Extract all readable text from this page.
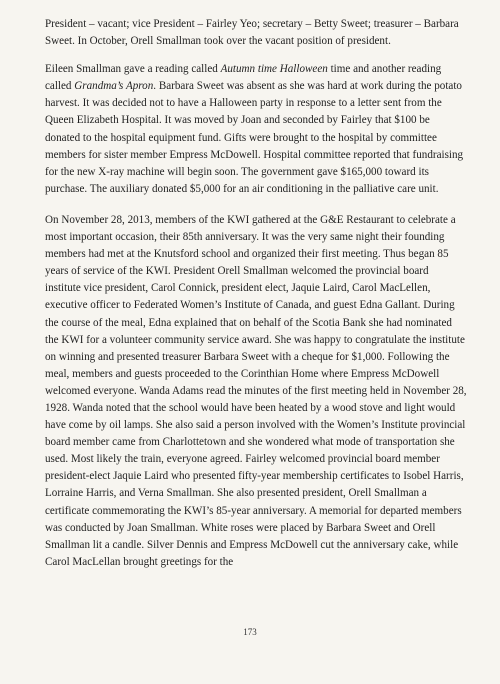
President – vacant; vice President – Fairley Yeo; secretary – Betty Sweet; treasurer – Barbara Sweet. In October, Orell Smallman took over the vacant position of president.

Eileen Smallman gave a reading called Autumn time Halloween time and another reading called Grandma’s Apron. Barbara Sweet was absent as she was hard at work during the potato harvest. It was decided not to have a Halloween party in response to a letter sent from the Queen Elizabeth Hospital. It was moved by Joan and seconded by Fairley that $100 be donated to the hospital equipment fund. Gifts were brought to the hospital by committee members for sister member Empress McDowell. Hospital committee reported that fundraising for the new X-ray machine will begin soon. The government gave $165,000 toward its purchase. The auxiliary donated $5,000 for an air conditioning in the palliative care unit.

On November 28, 2013, members of the KWI gathered at the G&E Restaurant to celebrate a most important occasion, their 85th anniversary. It was the very same night their founding members had met at the Knutsford school and organized their first meeting. Thus began 85 years of service of the KWI. President Orell Smallman welcomed the provincial board institute vice president, Carol Connick, president elect, Jaquie Laird, Carol MacLellen, executive officer to Federated Women’s Institute of Canada, and guest Edna Gallant. During the course of the meal, Edna explained that on behalf of the Scotia Bank she had nominated the KWI for a volunteer community service award. She was happy to congratulate the institute on winning and presented treasurer Barbara Sweet with a cheque for $1,000. Following the meal, members and guests proceeded to the Corinthian Home where Empress McDowell welcomed everyone. Wanda Adams read the minutes of the first meeting held in November 28, 1928. Wanda noted that the school would have been heated by a wood stove and light would have come by oil lamps. She also said a person involved with the Women’s Institute provincial board member came from Charlottetown and she wondered what mode of transportation she used. Most likely the train, everyone agreed. Fairley welcomed provincial board member president-elect Jaquie Laird who presented fifty-year membership certificates to Isobel Harris, Lorraine Harris, and Verna Smallman. She also presented president, Orell Smallman a certificate commemorating the KWI’s 85-year anniversary. A memorial for departed members was conducted by Joan Smallman. White roses were placed by Barbara Sweet and Orell Smallman lit a candle. Silver Dennis and Empress McDowell cut the anniversary cake, while Carol MacLellan brought greetings for the

173
